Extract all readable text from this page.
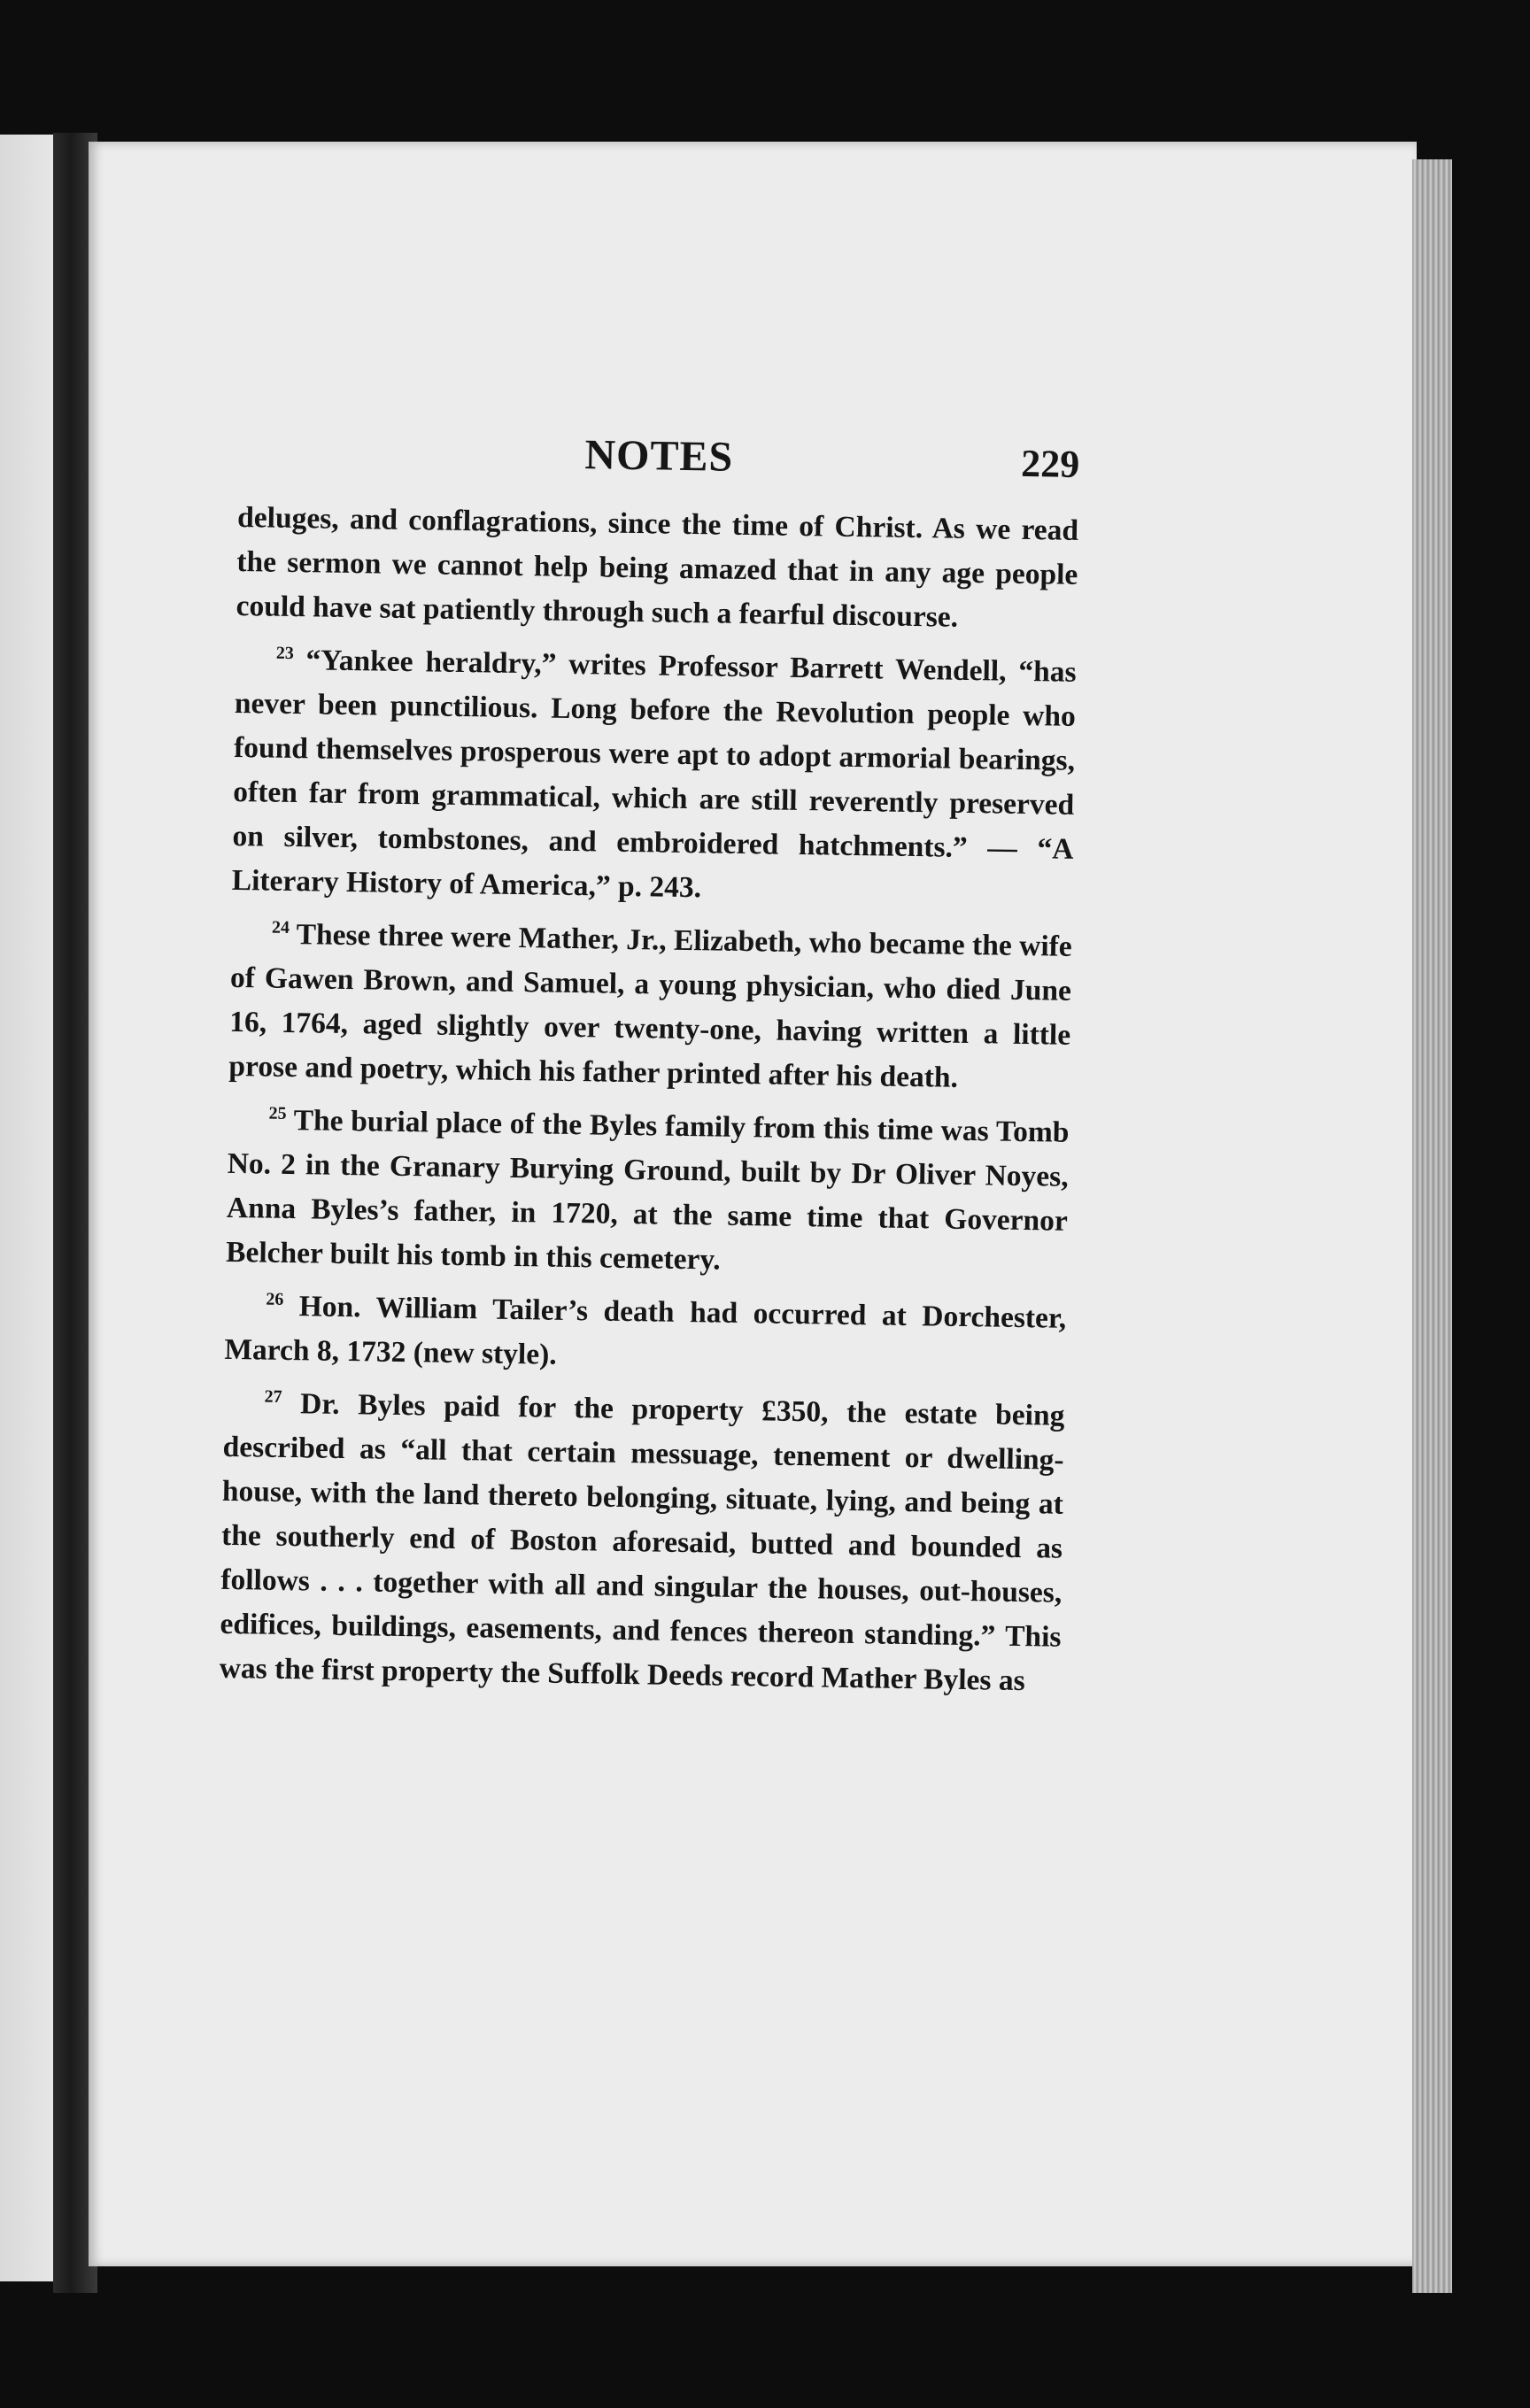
NOTES	229

deluges, and conflagrations, since the time of Christ. As we read the sermon we cannot help being amazed that in any age people could have sat patiently through such a fearful discourse.

$^{23}$ “Yankee heraldry,” writes Professor Barrett Wendell, “has never been punctilious. Long before the Revolution people who found themselves prosperous were apt to adopt armorial bearings, often far from grammatical, which are still reverently preserved on silver, tombstones, and embroidered hatchments.” — “A Literary History of America,” p. 243.

$^{24}$ These three were Mather, Jr., Elizabeth, who became the wife of Gawen Brown, and Samuel, a young physician, who died June 16, 1764, aged slightly over twenty-one, having written a little prose and poetry, which his father printed after his death.

$^{25}$ The burial place of the Byles family from this time was Tomb No. 2 in the Granary Burying Ground, built by Dr Oliver Noyes, Anna Byles’s father, in 1720, at the same time that Governor Belcher built his tomb in this cemetery.

$^{26}$ Hon. William Tailer’s death had occurred at Dorchester, March 8, 1732 (new style).

$^{27}$ Dr. Byles paid for the property £350, the estate being described as “all that certain messuage, tenement or dwelling-house, with the land thereto belonging, situate, lying, and being at the southerly end of Boston aforesaid, butted and bounded as follows . . . together with all and singular the houses, out-houses, edifices, buildings, easements, and fences thereon standing.” This was the first property the Suffolk Deeds record Mather Byles as
